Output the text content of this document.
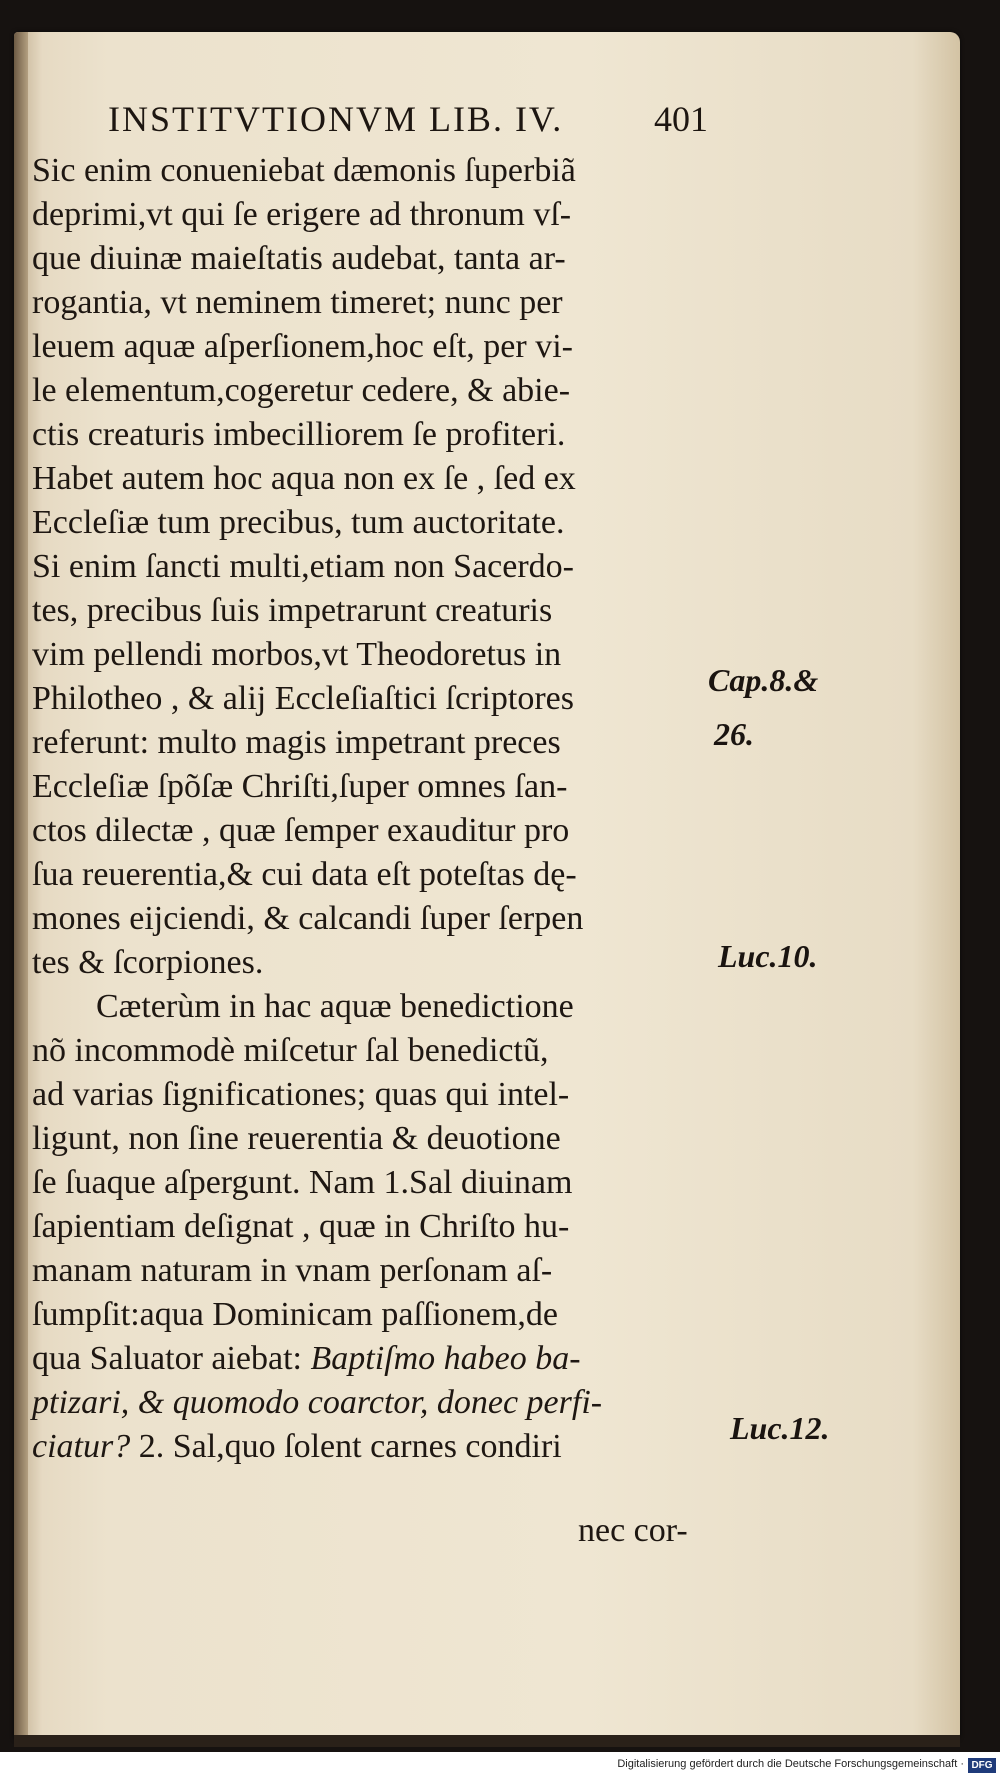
INSTITVTIONVM LIB. IV.	401
Sic enim conueniebat dæmonis ſuperbiã
deprimi,vt qui ſe erigere ad thronum vſ-
que diuinæ maieſtatis audebat, tanta ar-
rogantia, vt neminem timeret; nunc per
leuem aquæ aſperſionem,hoc eſt, per vi-
le elementum,cogeretur cedere, & abie-
ctis creaturis imbecilliorem ſe profiteri.
Habet autem hoc aqua non ex ſe , ſed ex
Eccleſiæ tum precibus, tum auctoritate.
Si enim ſancti multi,etiam non Sacerdo-
tes, precibus ſuis impetrarunt creaturis
vim pellendi morbos,vt Theodoretus in
Philotheo , & alij Eccleſiaſtici ſcriptores
referunt: multo magis impetrant preces
Eccleſiæ ſpõſæ Chriſti,ſuper omnes ſan-
ctos dilectæ , quæ ſemper exauditur pro
ſua reuerentia,& cui data eſt poteſtas dę-
mones eijciendi, & calcandi ſuper ſerpen
tes & ſcorpiones.
Cæterùm in hac aquæ benedictione
nõ incommodè miſcetur ſal benedictũ,
ad varias ſignificationes; quas qui intel-
ligunt, non ſine reuerentia & deuotione
ſe ſuaque aſpergunt. Nam 1.Sal diuinam
ſapientiam deſignat , quæ in Chriſto hu-
manam naturam in vnam perſonam aſ-
ſumpſit:aqua Dominicam paſſionem,de
qua Saluator aiebat: Baptiſmo habeo ba-
ptizari, & quomodo coarctor, donec perfi-
ciatur? 2. Sal,quo ſolent carnes condiri
nec cor-
Cap.8.&
26.
Luc.10.
Luc.12.
Digitalisierung gefördert durch die Deutsche Forschungsgemeinschaft · DFG
